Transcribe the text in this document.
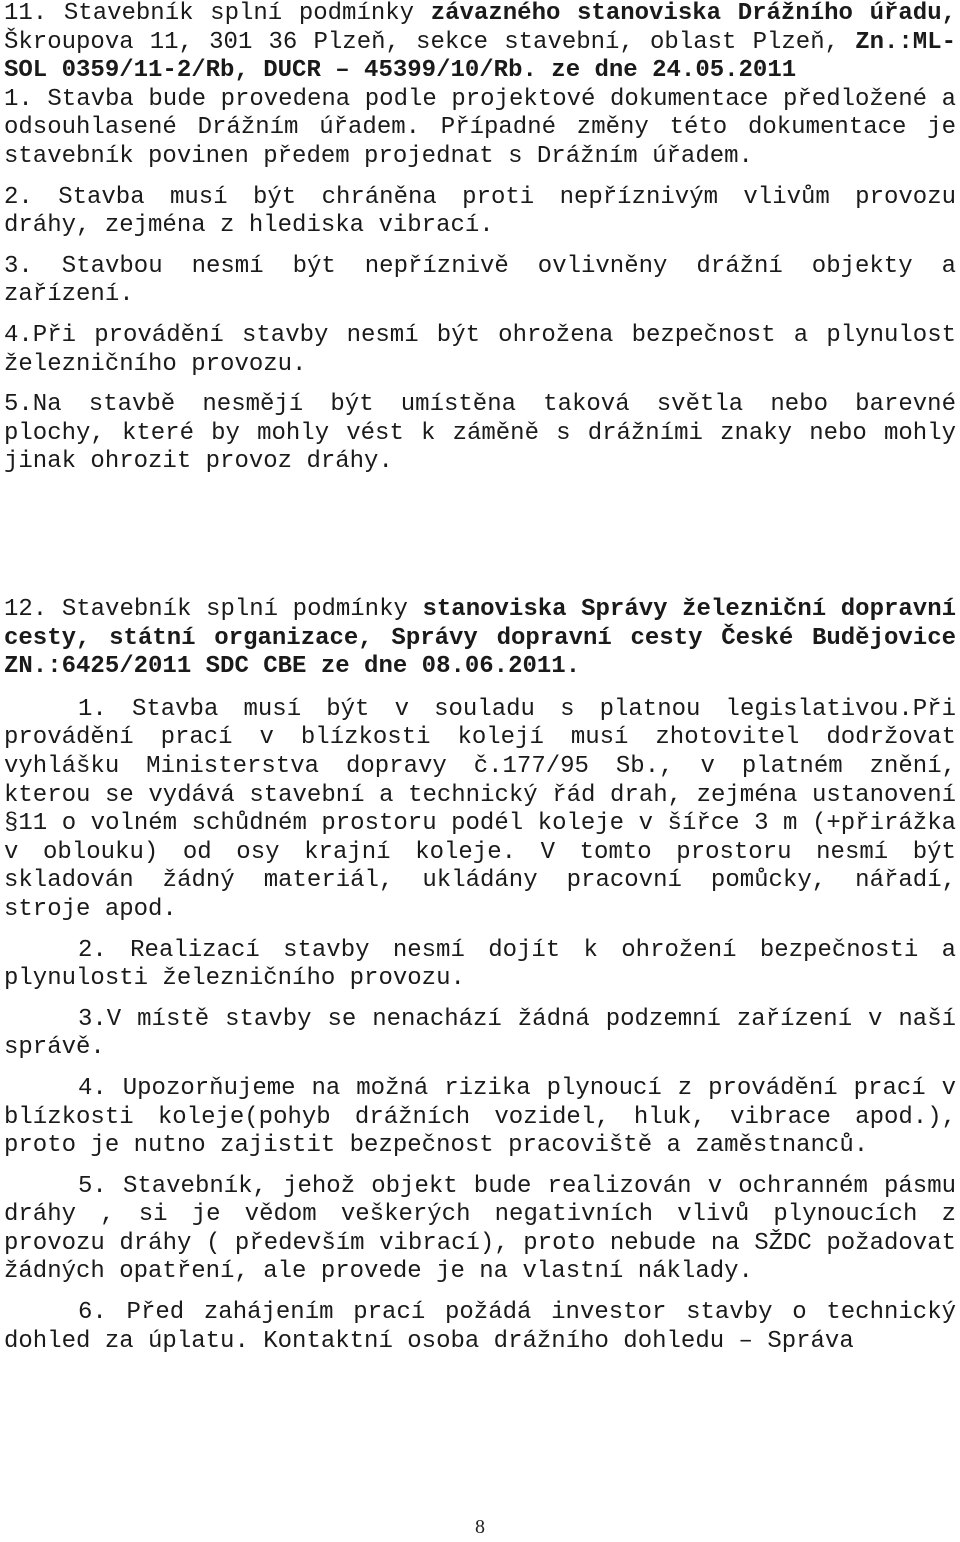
11. Stavebník splní podmínky závazného stanoviska Drážního úřadu, Škroupova 11, 301 36 Plzeň, sekce stavební, oblast Plzeň, Zn.:ML-SOL 0359/11-2/Rb, DUCR – 45399/10/Rb. ze dne 24.05.2011

1. Stavba bude provedena podle projektové dokumentace předložené a odsouhlasené Drážním úřadem. Případné změny této dokumentace je stavebník povinen předem projednat s Drážním úřadem.

2. Stavba musí být chráněna proti nepříznivým vlivům provozu dráhy, zejména z hlediska vibrací.

3. Stavbou nesmí být nepříznivě ovlivněny drážní objekty a zařízení.

4.Při provádění stavby nesmí být ohrožena bezpečnost a plynulost železničního provozu.

5.Na stavbě nesmějí být umístěna taková světla nebo barevné plochy, které by mohly vést k záměně s drážními znaky nebo mohly jinak ohrozit provoz dráhy.

12. Stavebník splní podmínky stanoviska Správy železniční dopravní cesty, státní organizace, Správy dopravní cesty České Budějovice ZN.:6425/2011 SDC CBE ze dne 08.06.2011.

1. Stavba musí být v souladu s platnou legislativou.Při provádění prací v blízkosti kolejí musí zhotovitel dodržovat vyhlášku Ministerstva dopravy č.177/95 Sb., v platném znění, kterou se vydává stavební a technický řád drah, zejména ustanovení §11 o volném schůdném prostoru podél koleje v šířce 3 m (+přirážka v oblouku) od osy krajní koleje. V tomto prostoru nesmí být skladován žádný materiál, ukládány pracovní pomůcky, nářadí, stroje apod.

2. Realizací stavby nesmí dojít k ohrožení bezpečnosti a plynulosti železničního provozu.

3.V místě stavby se nenachází žádná podzemní zařízení v naší správě.

4. Upozorňujeme na možná rizika plynoucí z provádění prací v blízkosti koleje(pohyb drážních vozidel, hluk, vibrace apod.), proto je nutno zajistit bezpečnost pracoviště a zaměstnanců.

5. Stavebník, jehož objekt bude realizován v ochranném pásmu dráhy , si je vědom veškerých negativních vlivů plynoucích z provozu dráhy ( především vibrací), proto nebude na SŽDC požadovat žádných opatření, ale provede je na vlastní náklady.

6. Před zahájením prací požádá investor stavby o technický dohled za úplatu. Kontaktní osoba drážního dohledu – Správa

8
